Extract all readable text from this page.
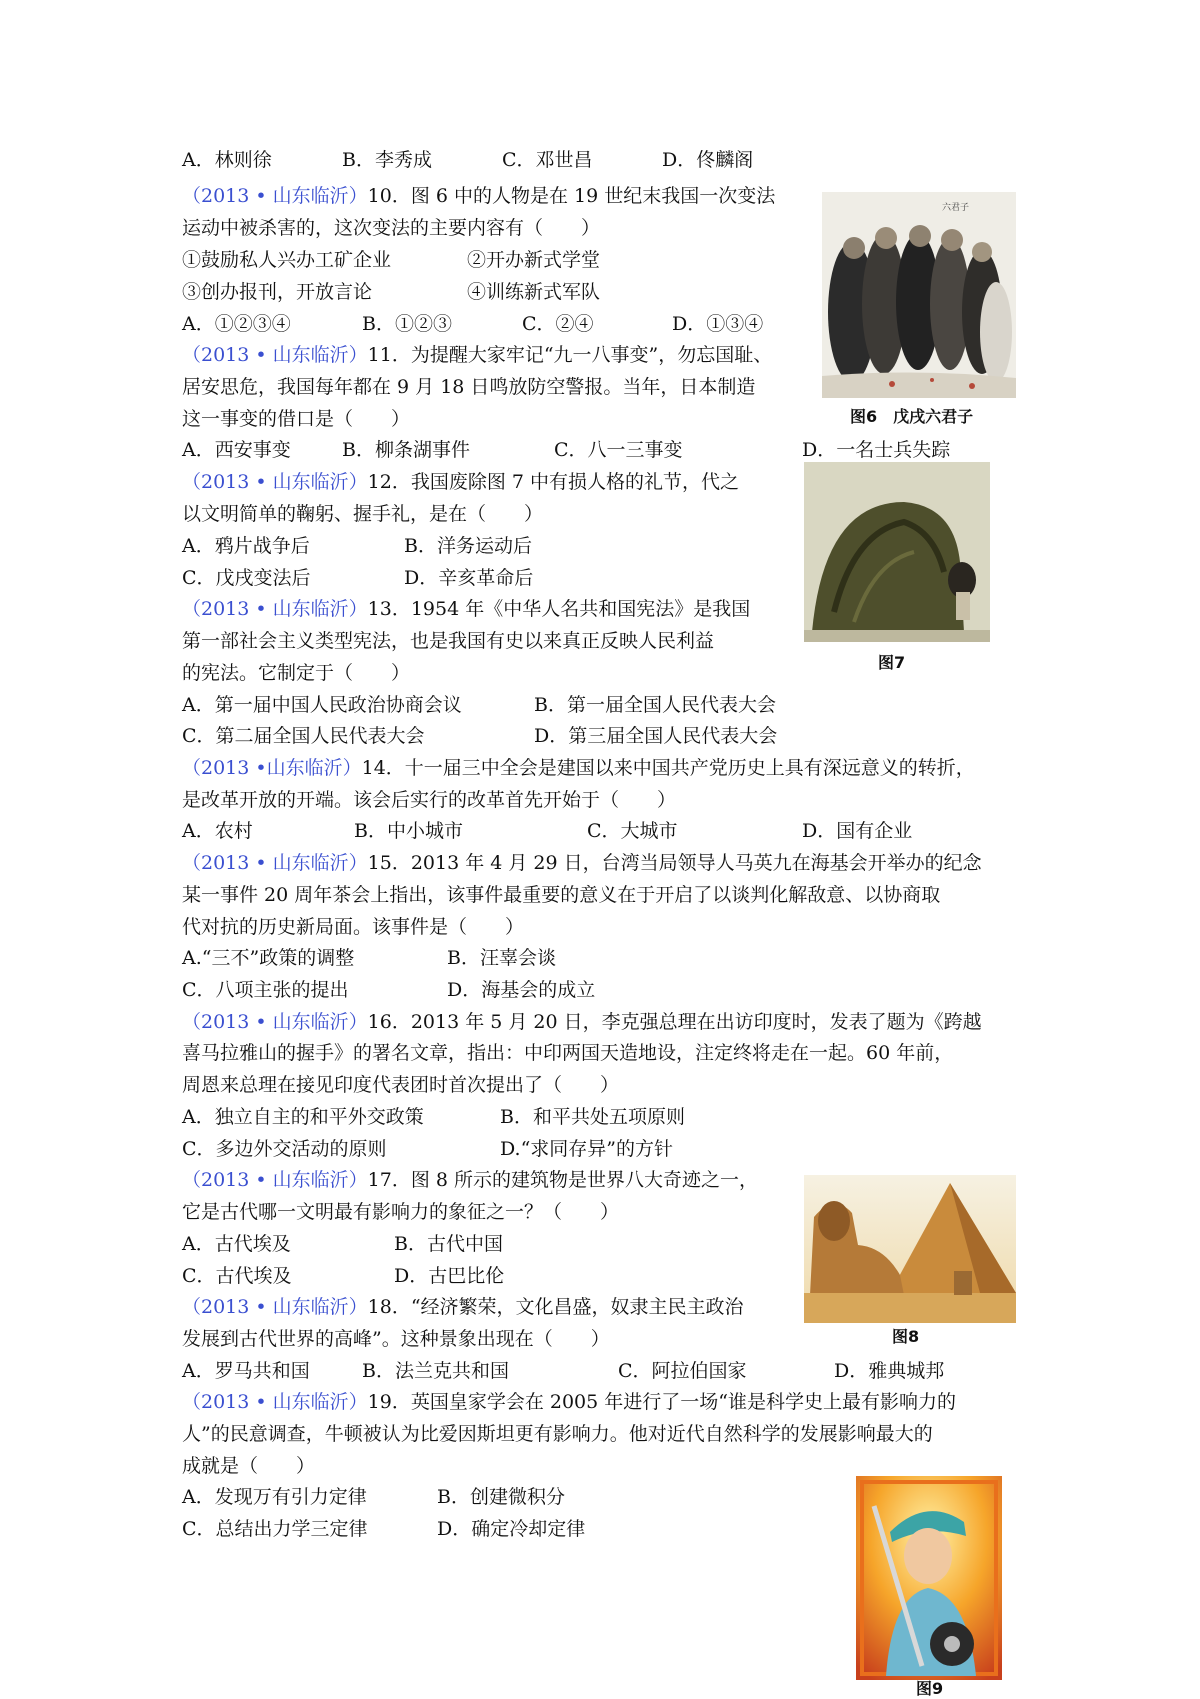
A．林则徐	B．李秀成	C．邓世昌	D．佟麟阁
（2013 • 山东临沂）10．图 6 中的人物是在 19 世纪末我国一次变法
运动中被杀害的，这次变法的主要内容有（　　）
①鼓励私人兴办工矿企业	②开办新式学堂
③创办报刊，开放言论	④训练新式军队
A．①②③④	B．①②③	C．②④	D．①③④
（2013 • 山东临沂）11．为提醒大家牢记“九一八事变”，勿忘国耻、
居安思危，我国每年都在 9 月 18 日鸣放防空警报。当年，日本制造
这一事变的借口是（　　）
A．西安事变	B．柳条湖事件	C．八一三事变	D．一名士兵失踪
（2013 • 山东临沂）12．我国废除图 7 中有损人格的礼节，代之
以文明简单的鞠躬、握手礼，是在（　　）
A．鸦片战争后	B．洋务运动后
C．戊戌变法后	D．辛亥革命后
（2013 • 山东临沂）13．1954 年《中华人名共和国宪法》是我国
第一部社会主义类型宪法，也是我国有史以来真正反映人民利益
的宪法。它制定于（　　）
A．第一届中国人民政治协商会议	B．第一届全国人民代表大会
C．第二届全国人民代表大会	D．第三届全国人民代表大会
（2013 •山东临沂）14．十一届三中全会是建国以来中国共产党历史上具有深远意义的转折，
是改革开放的开端。该会后实行的改革首先开始于（　　）
A．农村	B．中小城市	C．大城市	D．国有企业
（2013 • 山东临沂）15．2013 年 4 月 29 日，台湾当局领导人马英九在海基会开举办的纪念
某一事件 20 周年茶会上指出，该事件最重要的意义在于开启了以谈判化解敌意、以协商取
代对抗的历史新局面。该事件是（　　）
A.“三不”政策的调整	B．汪辜会谈
C．八项主张的提出	D．海基会的成立
（2013 • 山东临沂）16．2013 年 5 月 20 日，李克强总理在出访印度时，发表了题为《跨越
喜马拉雅山的握手》的署名文章，指出：中印两国天造地设，注定终将走在一起。60 年前，
周恩来总理在接见印度代表团时首次提出了（　　）
A．独立自主的和平外交政策	B．和平共处五项原则
C．多边外交活动的原则	D.“求同存异”的方针
（2013 • 山东临沂）17．图 8 所示的建筑物是世界八大奇迹之一，
它是古代哪一文明最有影响力的象征之一？（　　）
A．古代埃及	B．古代中国
C．古代埃及	D．古巴比伦
（2013 • 山东临沂）18．“经济繁荣，文化昌盛，奴隶主民主政治
发展到古代世界的高峰”。这种景象出现在（　　）
A．罗马共和国	B．法兰克共和国	C．阿拉伯国家	D．雅典城邦
（2013 • 山东临沂）19．英国皇家学会在 2005 年进行了一场“谁是科学史上最有影响力的
人”的民意调查，牛顿被认为比爱因斯坦更有影响力。他对近代自然科学的发展影响最大的
成就是（　　）
A．发现万有引力定律	B．创建微积分
C．总结出力学三定律	D．确定冷却定律
六君子
图6　戊戌六君子
图7
图8
图9
